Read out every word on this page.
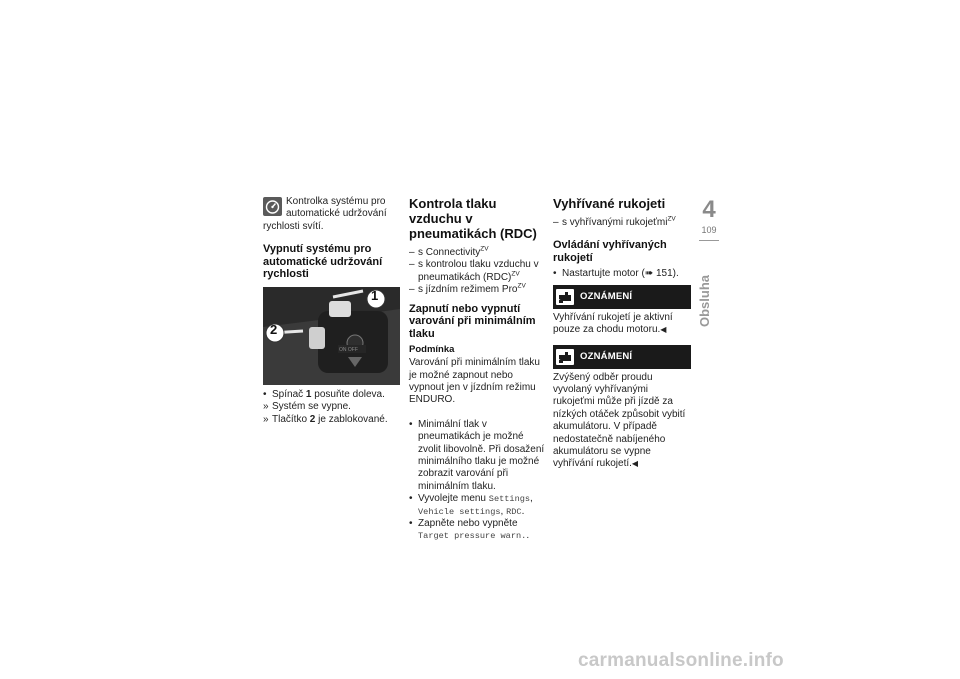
Kontrolka systému pro automatické udržování rychlosti svítí.

Vypnutí systému pro automatické udržování rychlosti
1
2
ON OFF
• Spínač 1 posuňte doleva.
» Systém se vypne.
» Tlačítko 2 je zablokované.
Kontrola tlaku vzduchu v pneumatikách (RDC)
– s Connectivity$^{ZV}$
– s kontrolou tlaku vzduchu v pneumatikách (RDC)$^{ZV}$
– s jízdním režimem Pro$^{ZV}$
Zapnutí nebo vypnutí varování při minimálním tlaku
Podmínka

Varování při minimálním tlaku je možné zapnout nebo vypnout jen v jízdním režimu ENDURO.

• Minimální tlak v pneumatikách je možné zvolit libovolně. Při dosažení minimálního tlaku je možné zobrazit varování při minimálním tlaku.
• Vyvolejte menu Settings, Vehicle settings, RDC.
• Zapněte nebo vypněte Target pressure warn..
Vyhřívané rukojeti
– s vyhřívanými rukojeťmi$^{ZV}$
Ovládání vyhřívaných rukojetí
• Nastartujte motor (➠ 151).
OZNÁMENÍ

Vyhřívání rukojetí je aktivní pouze za chodu motoru.◀

OZNÁMENÍ

Zvýšený odběr proudu vyvolaný vyhřívanými rukojeťmi může při jízdě za nízkých otáček způsobit vybití akumulátoru. V případě nedostatečně nabíjeného akumulátoru se vypne vyhřívání rukojetí.◀

4
109
Obsluha
carmanualsonline.info
